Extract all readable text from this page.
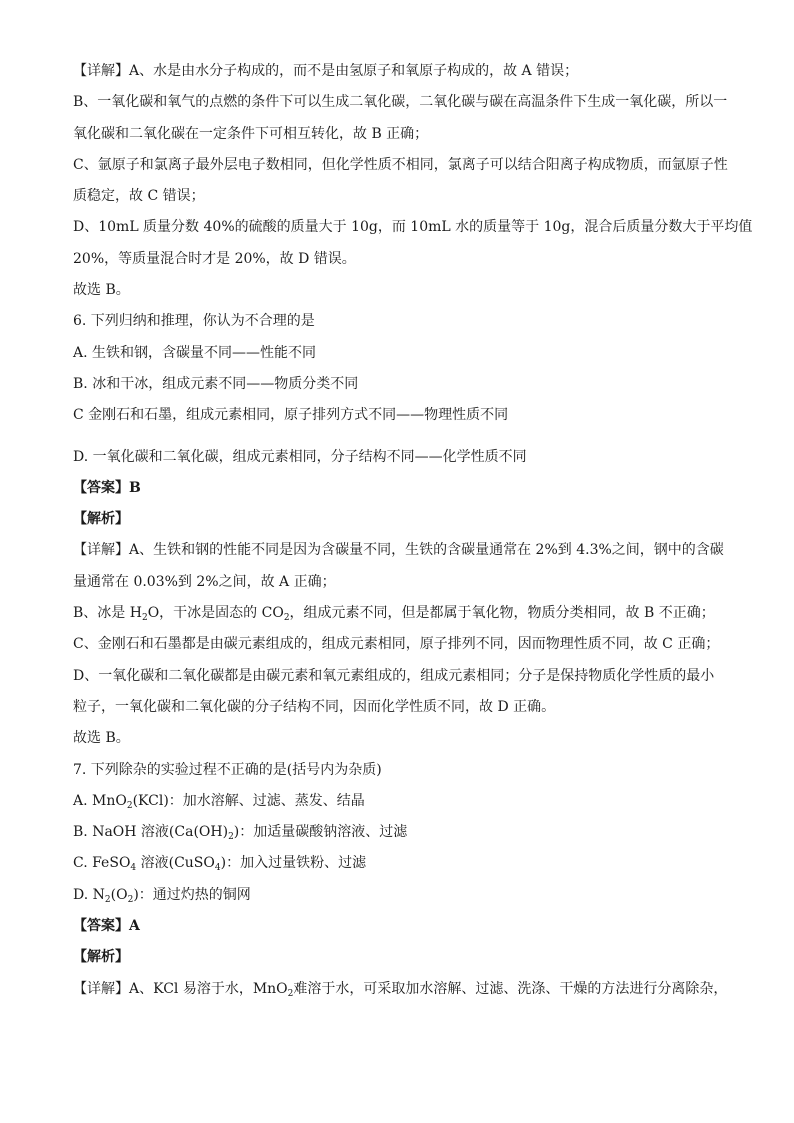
【详解】A、水是由水分子构成的，而不是由氢原子和氧原子构成的，故 A 错误；
B、一氧化碳和氧气的点燃的条件下可以生成二氧化碳，二氧化碳与碳在高温条件下生成一氧化碳，所以一
氧化碳和二氧化碳在一定条件下可相互转化，故 B 正确；
C、氩原子和氯离子最外层电子数相同，但化学性质不相同，氯离子可以结合阳离子构成物质，而氩原子性
质稳定，故 C 错误；
D、10mL 质量分数 40%的硫酸的质量大于 10g，而 10mL 水的质量等于 10g，混合后质量分数大于平均值
20%，等质量混合时才是 20%，故 D 错误。
故选 B。
6. 下列归纳和推理，你认为不合理的是
A. 生铁和钢，含碳量不同——性能不同
B. 冰和干冰，组成元素不同——物质分类不同
C 金刚石和石墨，组成元素相同，原子排列方式不同——物理性质不同
D. 一氧化碳和二氧化碳，组成元素相同，分子结构不同——化学性质不同
【答案】B
【解析】
【详解】A、生铁和钢的性能不同是因为含碳量不同，生铁的含碳量通常在 2%到 4.3%之间，钢中的含碳
量通常在 0.03%到 2%之间，故 A 正确；
B、冰是 $H_2O$，干冰是固态的 $CO_2$，组成元素不同，但是都属于氧化物，物质分类相同，故 B 不正确；
C、金刚石和石墨都是由碳元素组成的，组成元素相同，原子排列不同，因而物理性质不同，故 C 正确；
D、一氧化碳和二氧化碳都是由碳元素和氧元素组成的，组成元素相同；分子是保持物质化学性质的最小
粒子，一氧化碳和二氧化碳的分子结构不同，因而化学性质不同，故 D 正确。
故选 B。
7. 下列除杂的实验过程不正确的是(括号内为杂质)
A. MnO$_2$(KCl)：加水溶解、过滤、蒸发、结晶
B. NaOH 溶液$(Ca(OH)_2)$：加适量碳酸钠溶液、过滤
C. FeSO$_4$ 溶液(CuSO$_4$)：加入过量铁粉、过滤
D. $N_2(O_2)$：通过灼热的铜网
【答案】A
【解析】
【详解】A、KCl 易溶于水，MnO$_2$难溶于水，可采取加水溶解、过滤、洗涤、干燥的方法进行分离除杂，
